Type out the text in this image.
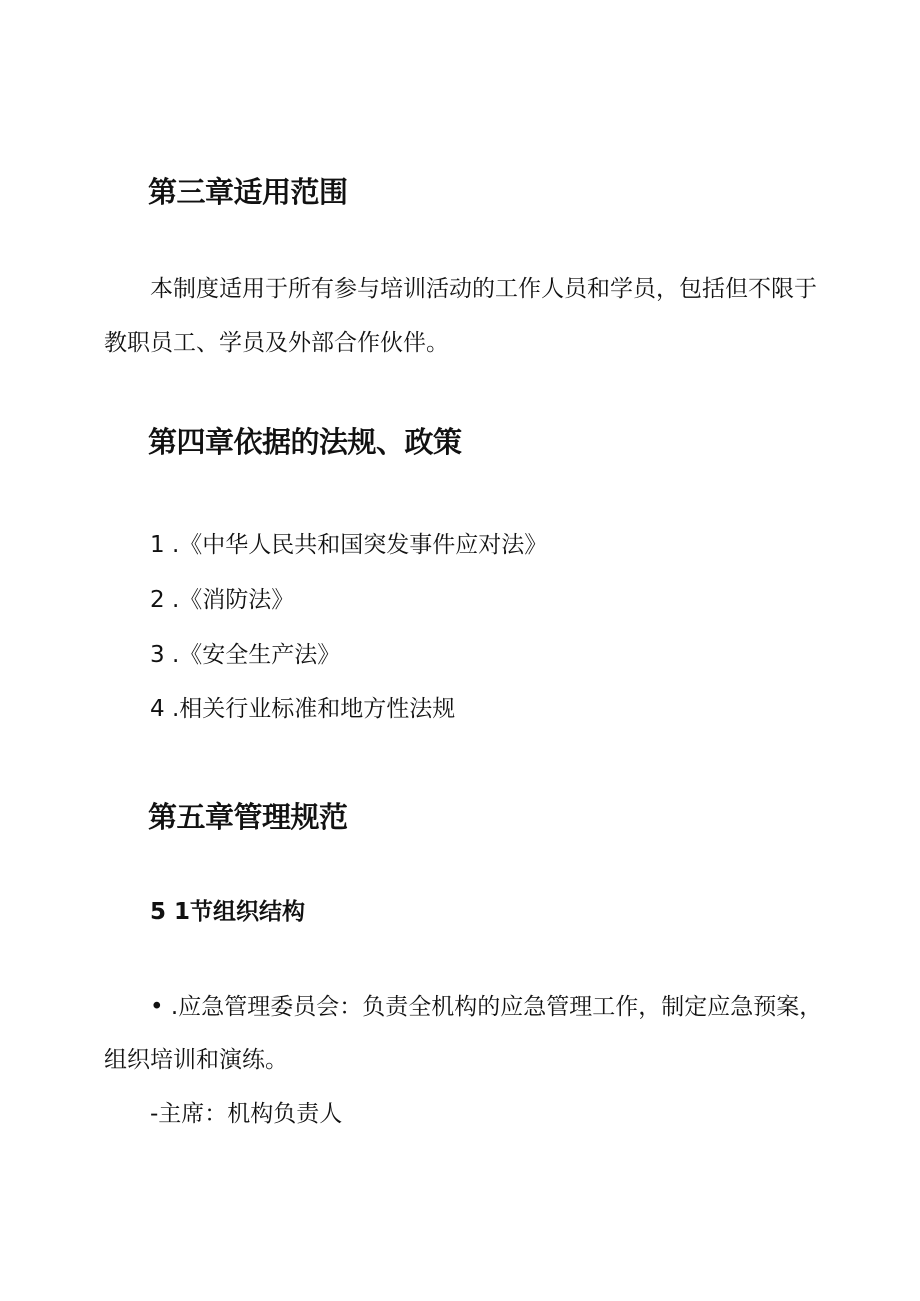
第三章适用范围
本制度适用于所有参与培训活动的工作人员和学员，包括但不限于
教职员工、学员及外部合作伙伴。
第四章依据的法规、政策
1 .《中华人民共和国突发事件应对法》
2 .《消防法》
3 .《安全生产法》
4 .相关行业标准和地方性法规
第五章管理规范
5 1节组织结构
• .应急管理委员会：负责全机构的应急管理工作，制定应急预案，
组织培训和演练。
-主席：机构负责人
